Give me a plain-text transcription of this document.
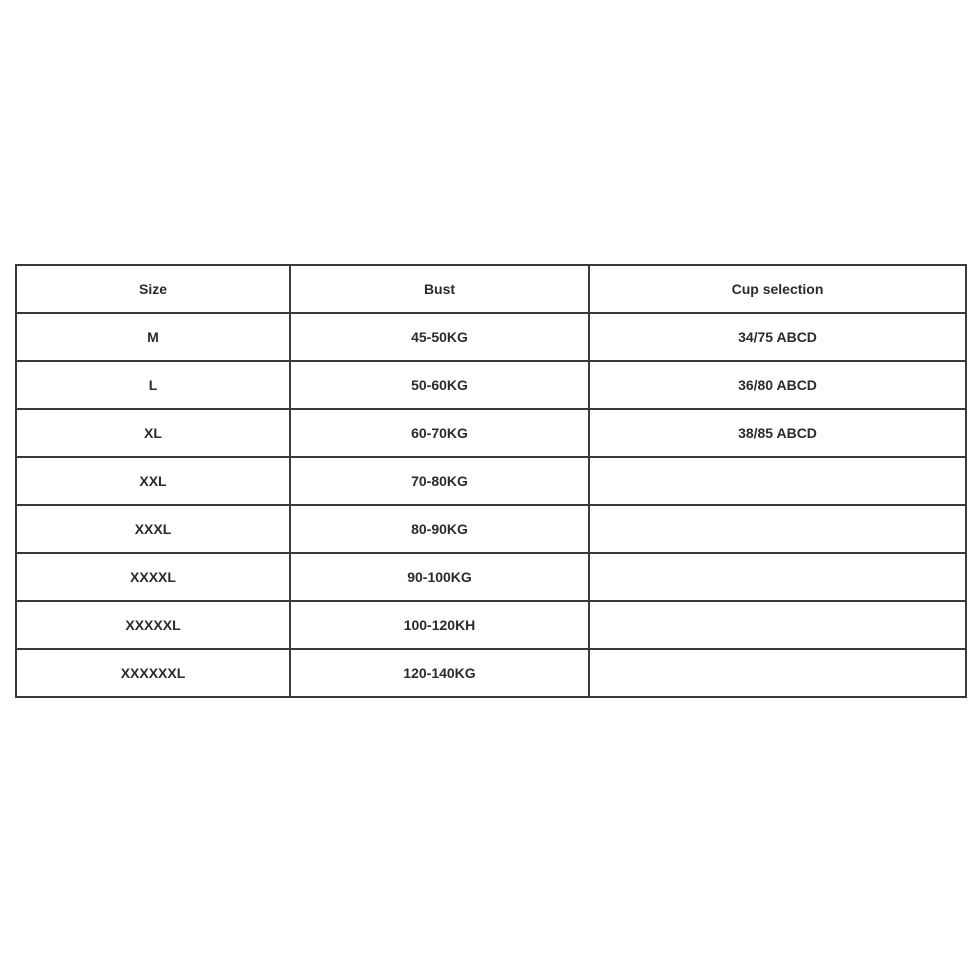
Size	Bust	Cup selection
M	45-50KG	34/75 ABCD
L	50-60KG	36/80 ABCD
XL	60-70KG	38/85 ABCD
XXL	70-80KG	
XXXL	80-90KG	
XXXXL	90-100KG	
XXXXXL	100-120KH	
XXXXXXL	120-140KG	
